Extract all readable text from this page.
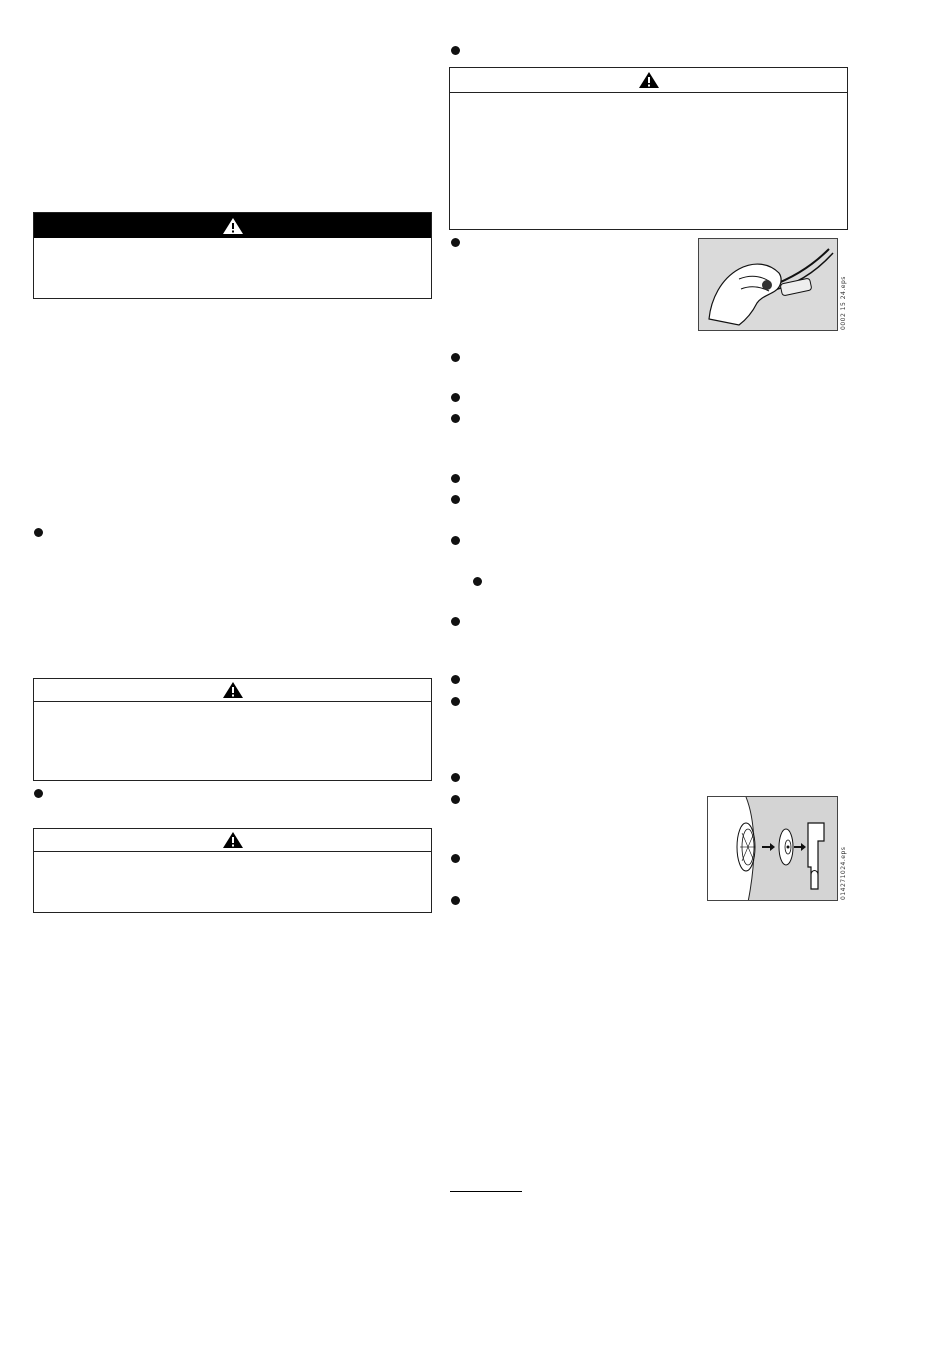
0002 15 24.eps
014271024.eps
